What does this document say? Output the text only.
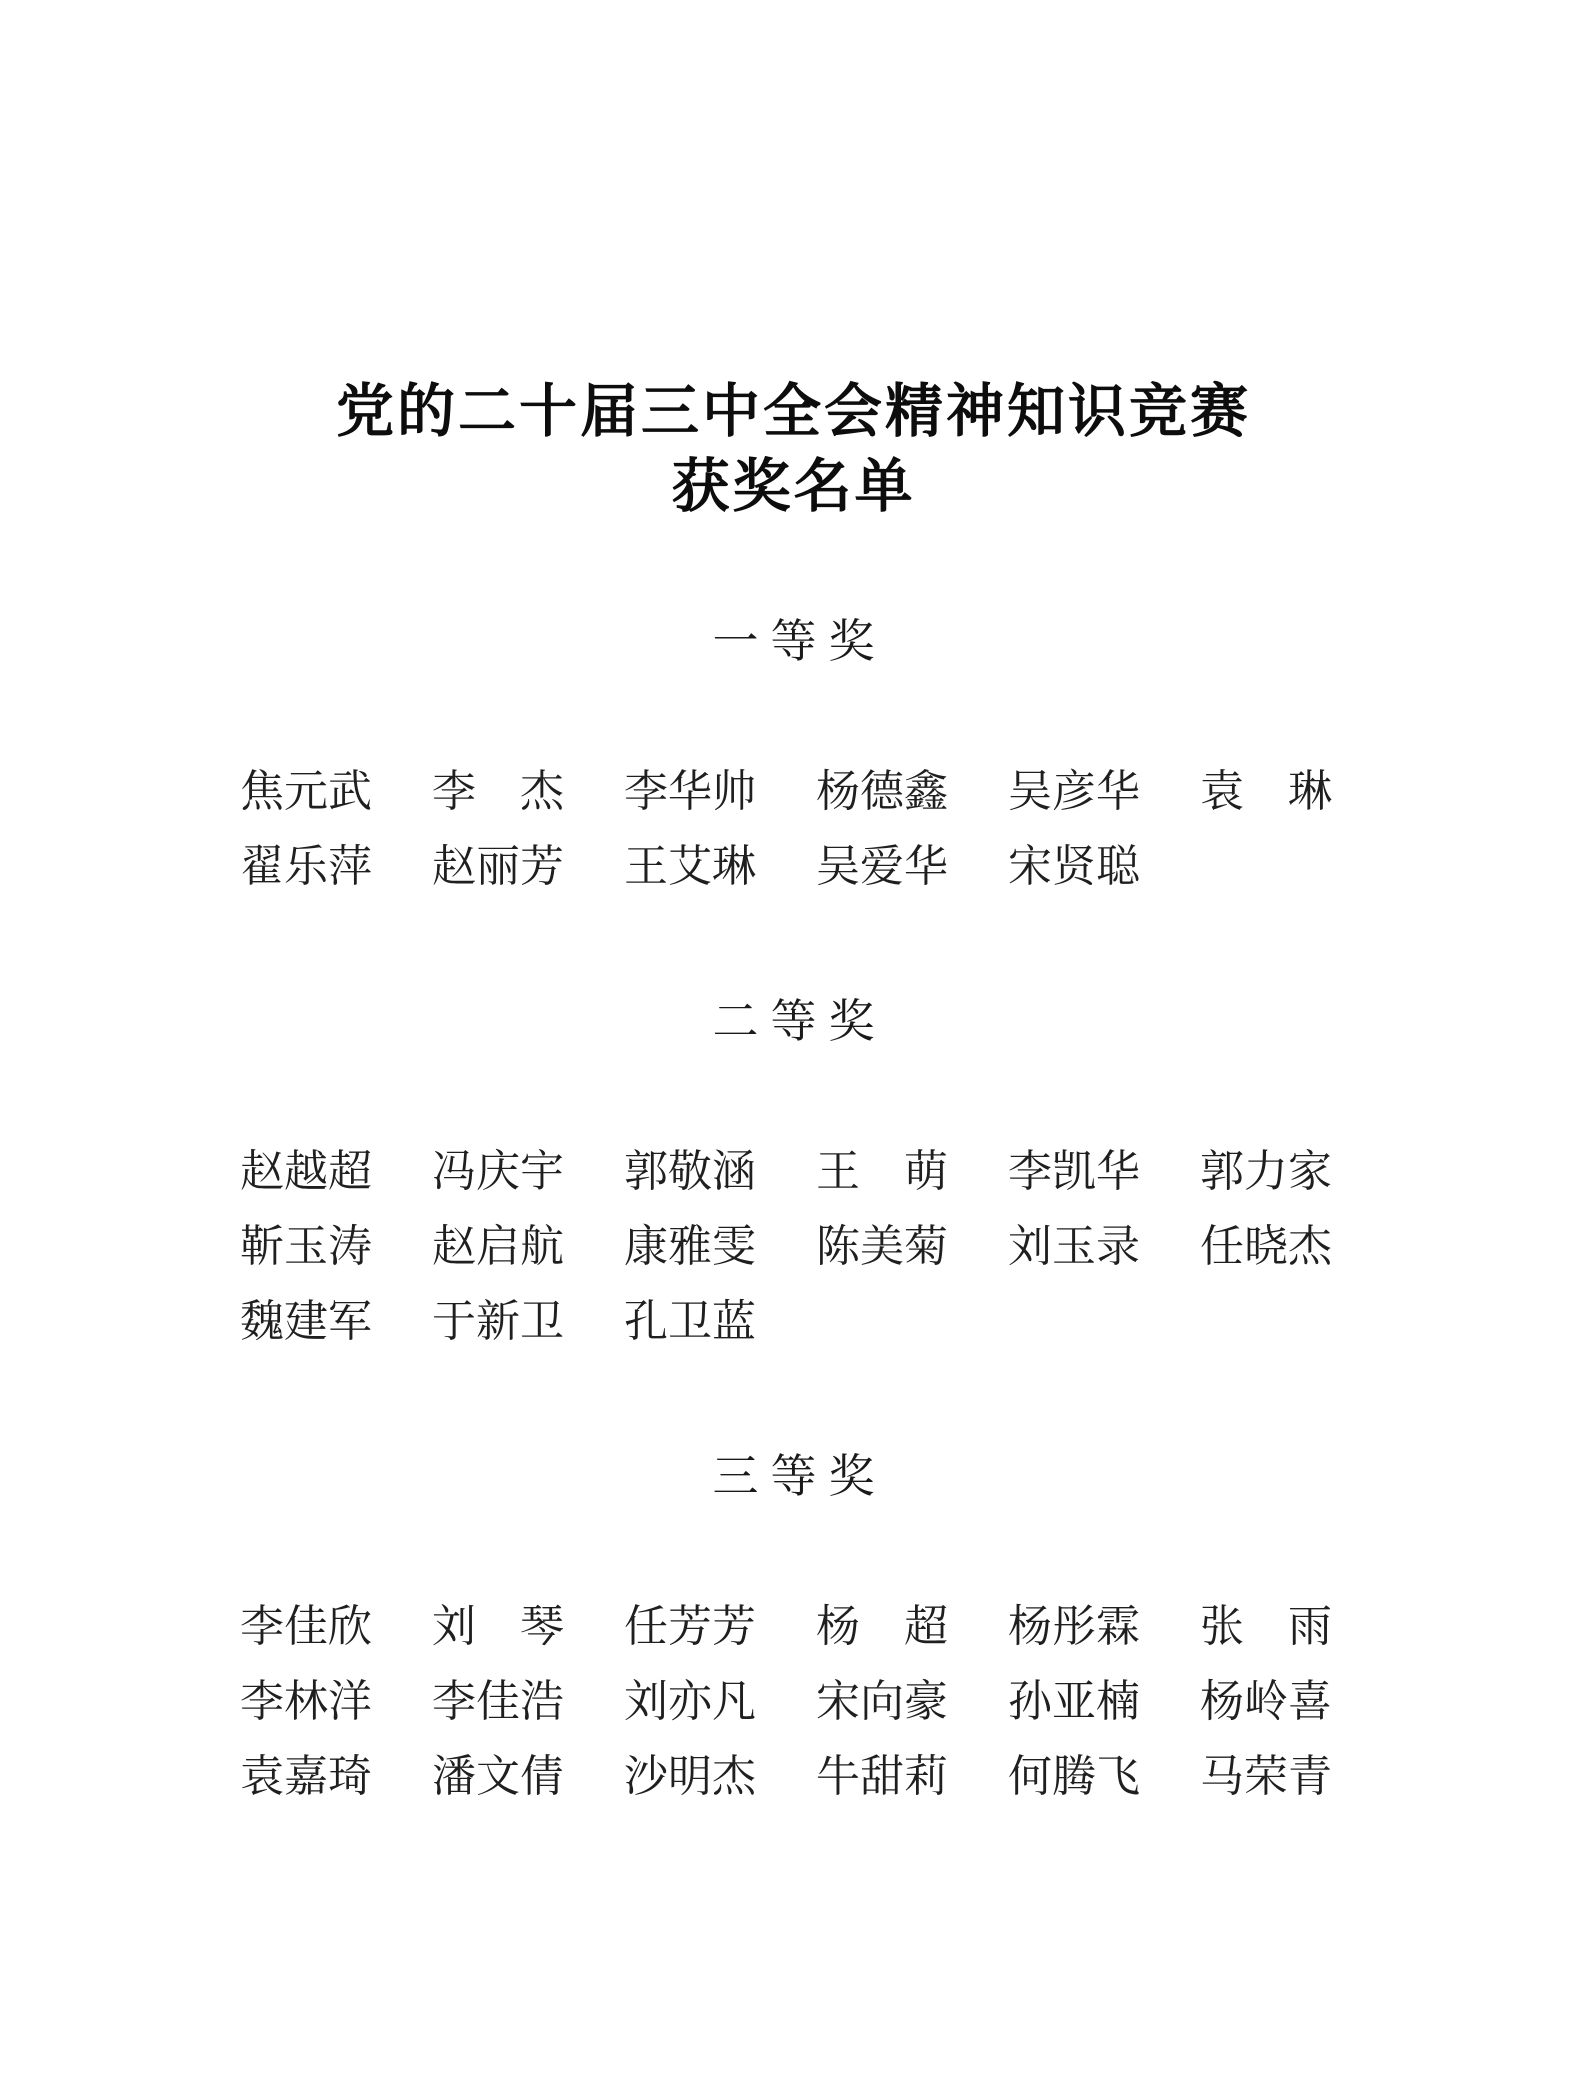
党的二十届三中全会精神知识竞赛
获奖名单
一等奖
焦元武 李　杰 李华帅 杨德鑫 吴彦华 袁　琳
翟乐萍 赵丽芳 王艾琳 吴爱华 宋贤聪
二等奖
赵越超 冯庆宇 郭敬涵 王　萌 李凯华 郭力家
靳玉涛 赵启航 康雅雯 陈美菊 刘玉录 任晓杰
魏建军 于新卫 孔卫蓝
三等奖
李佳欣 刘　琴 任芳芳 杨　超 杨彤霖 张　雨
李林洋 李佳浩 刘亦凡 宋向豪 孙亚楠 杨岭喜
袁嘉琦 潘文倩 沙明杰 牛甜莉 何腾飞 马荣青
